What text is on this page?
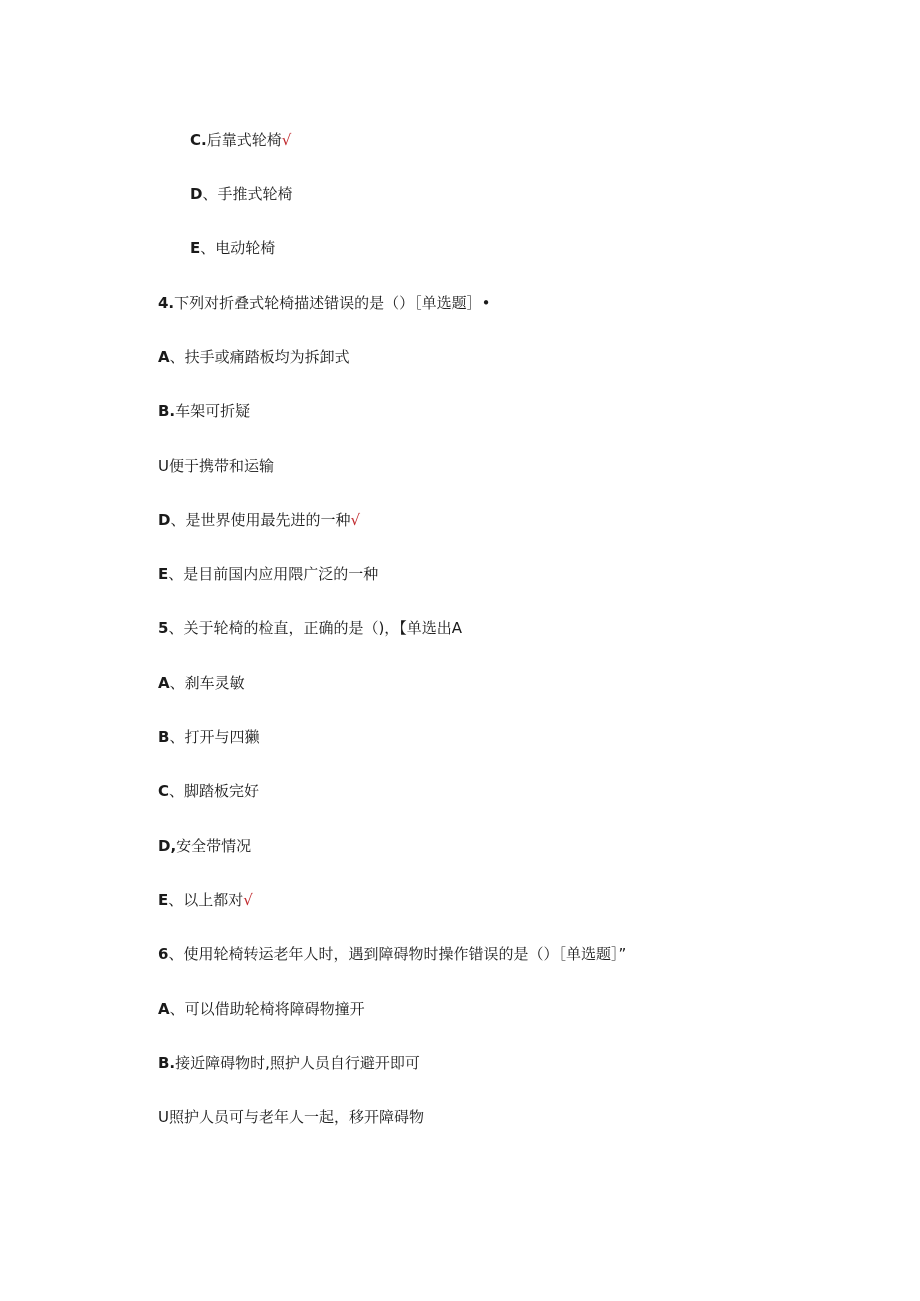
C.后靠式轮椅√
D、手推式轮椅
E、电动轮椅
4.下列对折叠式轮椅描述错误的是（）［单选题］•
A、扶手或痛踏板均为拆卸式
B.车架可折疑
U便于携带和运输
D、是世界使用最先进的一种√
E、是目前国内应用隈广泛的一种
5、关于轮椅的检直，正确的是（)，【单选出A
A、刹车灵敏
B、打开与四獭
C、脚踏板完好
D,安全带情况
E、以上都对√
6、使用轮椅转运老年人时，遇到障碍物时操作错误的是（）［单选题］”
A、可以借助轮椅将障碍物撞开
B.接近障碍物时,照护人员自行避开即可
U照护人员可与老年人一起，移开障碍物
